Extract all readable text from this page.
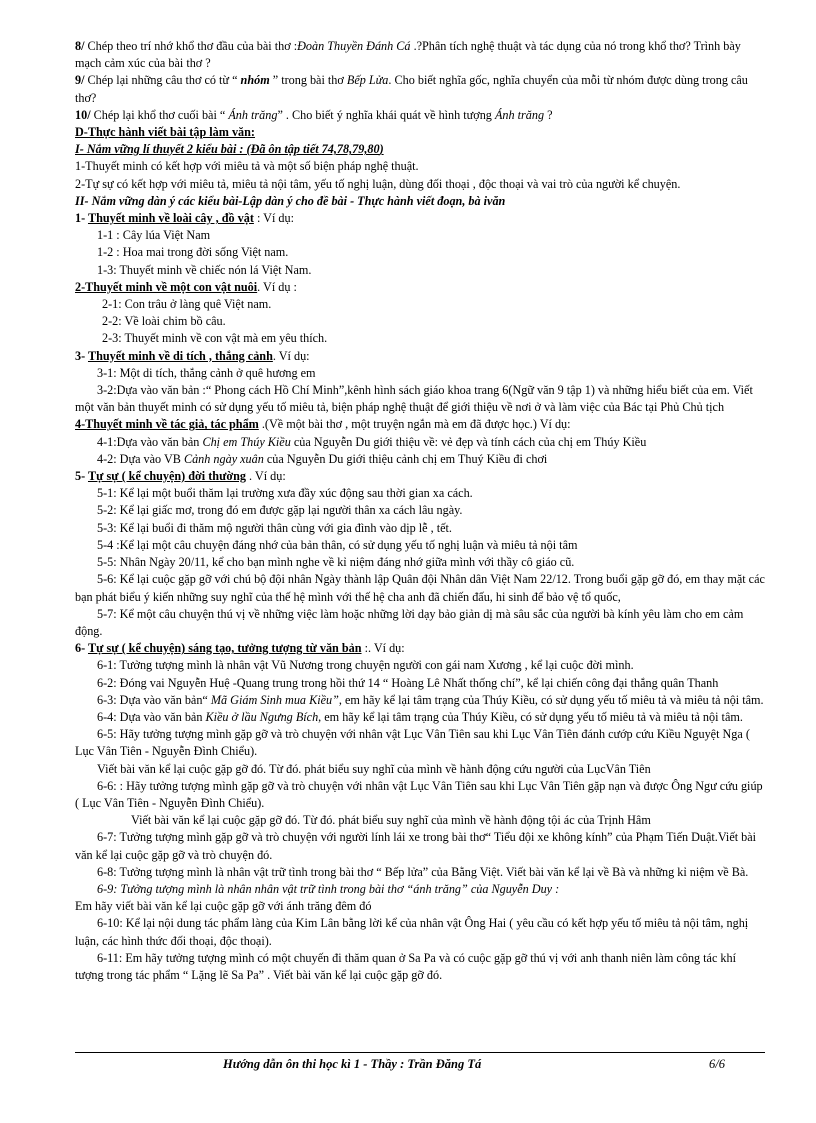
8/ Chép theo trí nhớ khổ thơ đầu của bài thơ :Đoàn Thuyền Đánh Cá .?Phân tích nghệ thuật và tác dụng của nó trong khổ thơ? Trình bày mạch cảm xúc của bài thơ ?

9/ Chép lại những câu thơ có từ “ nhóm ” trong bài thơ Bếp Lửa. Cho biết nghĩa gốc, nghĩa chuyển của mỗi từ nhóm được dùng trong câu thơ?

10/ Chép lại khổ thơ cuối bài “ Ánh trăng” . Cho biết ý nghĩa khái quát về hình tượng Ánh trăng ?

D-Thực hành viết bài tập làm văn:

I- Nắm vững lí thuyết 2 kiểu bài : (Đã ôn tập tiết 74,78,79,80)

1-Thuyết minh có kết hợp với miêu tả và một số biện pháp nghệ thuật.

2-Tự sự có kết hợp với miêu tả, miêu tả nội tâm, yếu tố nghị luận, dùng đối thoại , độc thoại và vai trò của người kể chuyện.

II- Nắm vững dàn ý các kiểu bài-Lập dàn ý cho đề bài - Thực hành viết đoạn, bà ivăn

1- Thuyết minh về loài cây , đồ vật : Ví dụ:

1-1 : Cây lúa Việt Nam

1-2 : Hoa mai trong đời sống Việt nam.

1-3: Thuyết minh về chiếc nón lá Việt Nam.

2-Thuyết minh về một con vật nuôi. Ví dụ :

2-1: Con trâu ở làng quê Việt nam.

2-2: Về loài chim bồ câu.

2-3: Thuyết minh về con vật mà em yêu thích.

3- Thuyết minh về di tích , thắng cảnh. Ví dụ:

3-1: Một di tích, thắng cảnh ở quê hương em

3-2:Dựa vào văn bản :“ Phong cách Hồ Chí Minh”,kênh hình sách giáo khoa trang 6(Ngữ văn 9 tập 1) và những hiểu biết của em. Viết một văn bản thuyết minh có sử dụng yếu tố miêu tả, biện pháp nghệ thuật để giới thiệu về nơi ở và làm việc của Bác tại Phủ Chủ tịch

4-Thuyết minh về tác giả, tác phẩm .(Về một bài thơ , một truyện ngắn mà em đã được học.) Ví dụ:

4-1:Dựa vào văn bản Chị em Thúy Kiều của Nguyễn Du giới thiệu về: vẻ đẹp và tính cách của chị em Thúy Kiều

4-2: Dựa vào VB Cảnh ngày xuân của Nguyễn Du giới thiệu cảnh chị em Thuý Kiều đi chơi

5- Tự sự ( kể chuyện) đời thường . Ví dụ:

5-1: Kể lại một buổi thăm lại trường xưa đầy xúc động sau thời gian xa cách.

5-2: Kể lại giấc mơ, trong đó em được gặp lại người thân xa cách lâu ngày.

5-3: Kể lại buổi đi thăm mộ người thân cùng với gia đình vào dịp lễ , tết.

5-4 :Kể lại một câu chuyện đáng nhớ của bản thân, có sử dụng yếu tố nghị luận và miêu tả nội tâm

5-5: Nhân Ngày 20/11, kể cho bạn mình nghe về kỉ niệm đáng nhớ giữa mình với thầy cô giáo cũ.

5-6: Kể lại cuộc gặp gỡ với chú bộ đội nhân Ngày thành lập Quân đội Nhân dân Việt Nam 22/12. Trong buổi gặp gỡ đó, em thay mặt các bạn phát biểu ý kiến những suy nghĩ của thế hệ mình với thế hệ cha anh đã chiến đấu, hi sinh để bảo vệ tổ quốc,

5-7: Kể một câu chuyện thú vị về những việc làm hoặc những lời dạy bảo giản dị mà sâu sắc của người bà kính yêu làm cho em cảm động.

6- Tự sự ( kể chuyện) sáng tạo, tưởng tượng từ văn bản :. Ví dụ:

6-1: Tưởng tượng mình là nhân vật Vũ Nương trong chuyện người con gái nam Xương , kể lại cuộc đời mình.

6-2: Đóng vai Nguyễn Huệ -Quang trung trong hồi thứ 14 “ Hoàng Lê Nhất thống chí”, kể lại chiến công đại thắng quân Thanh

6-3: Dựa vào văn bản“ Mã Giám Sinh mua Kiều”, em hãy kể lại tâm trạng của Thúy Kiều, có sử dụng yếu tố miêu tả và miêu tả nội tâm.

6-4: Dựa vào văn bản Kiều ở lầu Ngưng Bích, em hãy kể lại tâm trạng của Thúy Kiều, có sử dụng yếu tố miêu tả và miêu tả nội tâm.

6-5: Hãy tưởng tượng mình gặp gỡ và trò chuyện với nhân vật Lục Vân Tiên sau khi Lục Vân Tiên đánh cướp cứu Kiều Nguyệt Nga ( Lục Vân Tiên - Nguyễn Đình Chiểu).

Viết bài văn kể lại cuộc gặp gỡ đó. Từ đó. phát biểu suy nghĩ của mình về hành động cứu người của LụcVân Tiên

6-6: : Hãy tưởng tượng mình gặp gỡ và trò chuyện với nhân vật Lục Vân Tiên sau khi Lục Vân Tiên gặp nạn và được Ông Ngư cứu giúp ( Lục Vân Tiên - Nguyễn Đình Chiểu).

Viết bài văn kể lại cuộc gặp gỡ đó. Từ đó. phát biểu suy nghĩ của mình về hành động tội ác của Trịnh Hâm

6-7: Tưởng tượng mình gặp gỡ và trò chuyện với người lính lái xe trong bài thơ“ Tiểu đội xe không kính” của Phạm Tiến Duật.Viết bài văn kể lại cuộc gặp gỡ và trò chuyện đó.

6-8: Tưởng tượng mình là nhân vật trữ tình trong bài thơ “ Bếp lửa” của Bằng Việt. Viết bài văn kể lại về Bà và những kỉ niệm về Bà.

6-9: Tưởng tượng mình là nhân nhân vật trữ tình trong bài thơ “ánh trăng” của Nguyễn Duy :

Em hãy viết bài văn kể lại cuộc gặp gỡ với ánh trăng đêm đó

6-10: Kể lại nội dung tác phẩm làng của Kim Lân bằng lời kể của nhân vật Ông Hai ( yêu cầu có kết hợp yếu tố miêu tả nội tâm, nghị luận, các hình thức đối thoại, độc thoại).

6-11: Em hãy tưởng tượng mình có một chuyến đi thăm quan ở Sa Pa và có cuộc gặp gỡ thú vị với anh thanh niên làm công tác khí tượng trong tác phẩm “ Lặng lẽ Sa Pa” . Viết bài văn kể lại cuộc gặp gỡ đó.

Hướng dẫn ôn thi học kì 1 - Thầy : Trần Đăng Tá	6/6
